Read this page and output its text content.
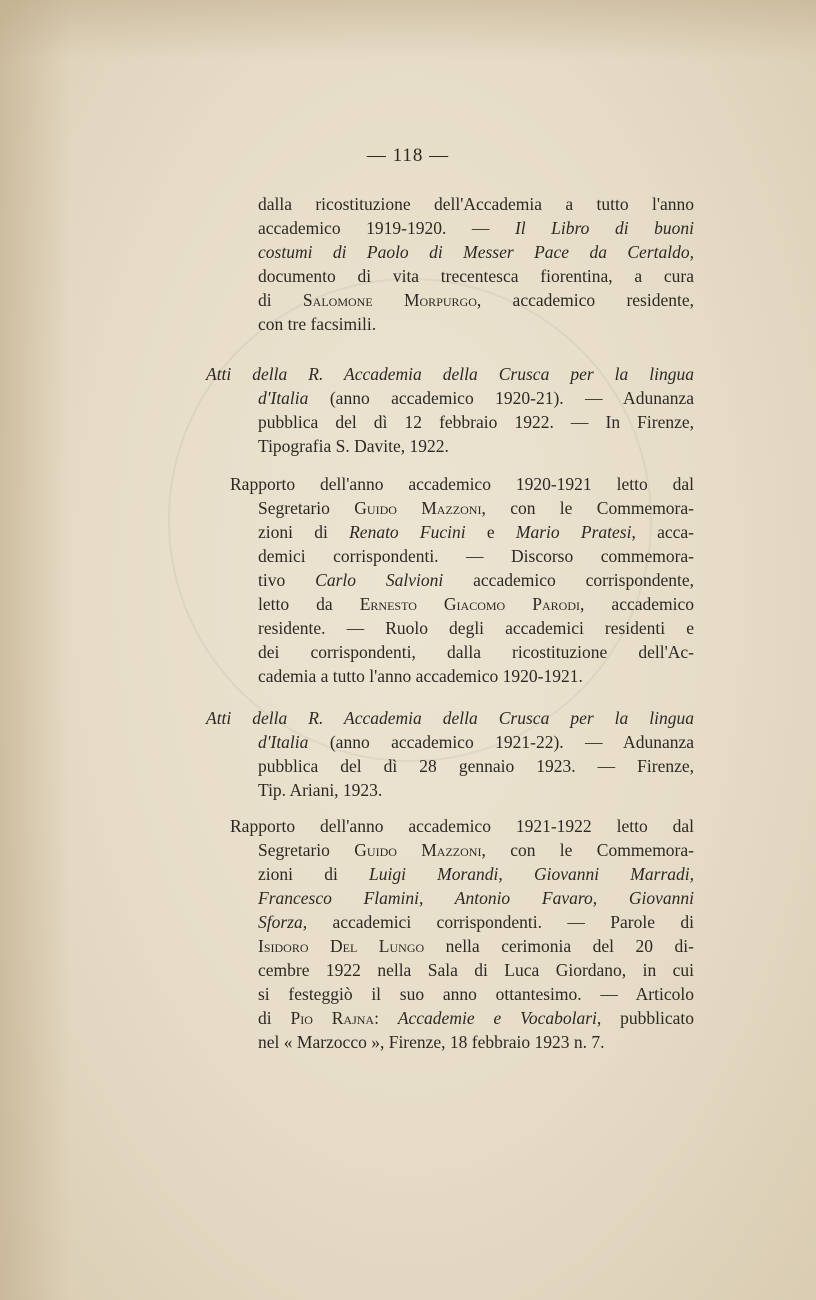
— 118 —
dalla ricostituzione dell'Accademia a tutto l'anno
accademico 1919-1920. — Il Libro di buoni
costumi di Paolo di Messer Pace da Certaldo,
documento di vita trecentesca fiorentina, a cura
di Salomone Morpurgo, accademico residente,
con tre facsimili.
Atti della R. Accademia della Crusca per la lingua
d'Italia (anno accademico 1920-21). — Adunanza
pubblica del dì 12 febbraio 1922. — In Firenze,
Tipografia S. Davite, 1922.
Rapporto dell'anno accademico 1920-1921 letto dal
Segretario Guido Mazzoni, con le Commemora-
zioni di Renato Fucini e Mario Pratesi, acca-
demici corrispondenti. — Discorso commemora-
tivo Carlo Salvioni accademico corrispondente,
letto da Ernesto Giacomo Parodi, accademico
residente. — Ruolo degli accademici residenti e
dei corrispondenti, dalla ricostituzione dell'Ac-
cademia a tutto l'anno accademico 1920-1921.
Atti della R. Accademia della Crusca per la lingua
d'Italia (anno accademico 1921-22). — Adunanza
pubblica del dì 28 gennaio 1923. — Firenze,
Tip. Ariani, 1923.
Rapporto dell'anno accademico 1921-1922 letto dal
Segretario Guido Mazzoni, con le Commemora-
zioni di Luigi Morandi, Giovanni Marradi,
Francesco Flamini, Antonio Favaro, Giovanni
Sforza, accademici corrispondenti. — Parole di
Isidoro Del Lungo nella cerimonia del 20 di-
cembre 1922 nella Sala di Luca Giordano, in cui
si festeggiò il suo anno ottantesimo. — Articolo
di Pio Rajna: Accademie e Vocabolari, pubblicato
nel « Marzocco », Firenze, 18 febbraio 1923 n. 7.
